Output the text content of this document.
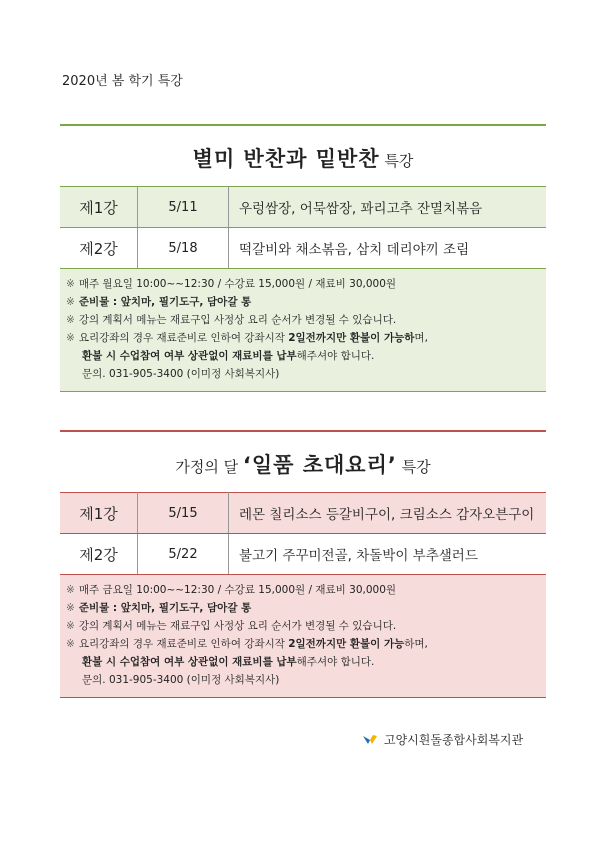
2020년 봄 학기 특강
별미 반찬과 밑반찬 특강
제1강	5/11	우렁쌈장, 어묵쌈장, 꽈리고추 잔멸치볶음
제2강	5/18	떡갈비와 채소볶음, 삼치 데리야끼 조림
※ 매주 월요일 10:00~~12:30 / 수강료 15,000원 / 재료비 30,000원
※ 준비물 : 앞치마, 필기도구, 담아갈 통
※ 강의 계획서 메뉴는 재료구입 사정상 요리 순서가 변경될 수 있습니다.
※ 요리강좌의 경우 재료준비로 인하여 강좌시작 2일전까지만 환불이 가능하며,
환불 시 수업참여 여부 상관없이 재료비를 납부해주셔야 합니다.
문의. 031-905-3400 (이미정 사회복지사)
가정의 달 ‘일품 초대요리’ 특강
제1강	5/15	레몬 칠리소스 등갈비구이, 크림소스 감자오븐구이
제2강	5/22	불고기 주꾸미전골, 차돌박이 부추샐러드
※ 매주 금요일 10:00~~12:30 / 수강료 15,000원 / 재료비 30,000원
※ 준비물 : 앞치마, 필기도구, 담아갈 통
※ 강의 계획서 메뉴는 재료구입 사정상 요리 순서가 변경될 수 있습니다.
※ 요리강좌의 경우 재료준비로 인하여 강좌시작 2일전까지만 환불이 가능하며,
환불 시 수업참여 여부 상관없이 재료비를 납부해주셔야 합니다.
문의. 031-905-3400 (이미정 사회복지사)
고양시흰돌종합사회복지관
